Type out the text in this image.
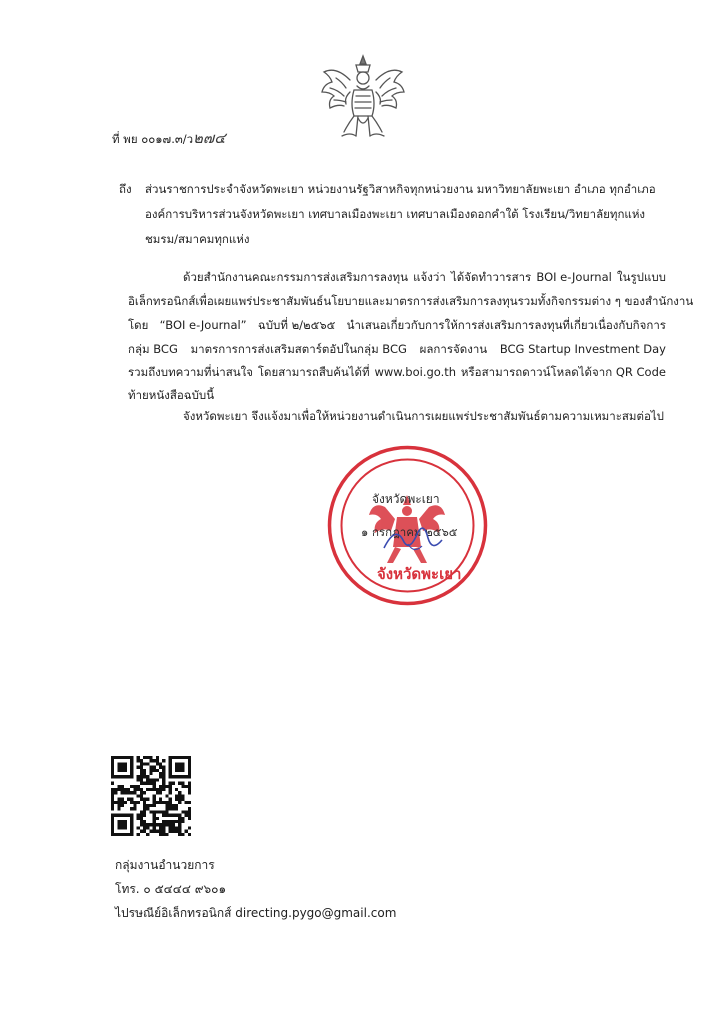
ที่ พย ๐๐๑๗.๓/ว๒๗๔
ถึง ส่วนราชการประจำจังหวัดพะเยา หน่วยงานรัฐวิสาหกิจทุกหน่วยงาน มหาวิทยาลัยพะเยา อำเภอ ทุกอำเภอ
องค์การบริหารส่วนจังหวัดพะเยา เทศบาลเมืองพะเยา เทศบาลเมืองดอกคำใต้ โรงเรียน/วิทยาลัยทุกแห่ง
ชมรม/สมาคมทุกแห่ง
ด้วยสำนักงานคณะกรรมการส่งเสริมการลงทุน แจ้งว่า ได้จัดทำวารสาร BOI e-Journal ในรูปแบบ
อิเล็กทรอนิกส์ เพื่อเผยแพร่ประชาสัมพันธ์นโยบายและมาตรการส่งเสริมการลงทุน รวมทั้งกิจกรรมต่าง ๆ ของสำนักงาน
โดย “BOI e-Journal” ฉบับที่ ๒/๒๕๖๕ นำเสนอเกี่ยวกับการให้การส่งเสริมการลงทุนที่เกี่ยวเนื่องกับกิจการ
กลุ่ม BCG มาตรการการส่งเสริมสตาร์ตอัปในกลุ่ม BCG ผลการจัดงาน BCG Startup Investment Day
รวมถึงบทความที่น่าสนใจ โดยสามารถสืบค้นได้ที่ www.boi.go.th หรือสามารถดาวน์โหลดได้จาก QR Code
ท้ายหนังสือฉบับนี้
จังหวัดพะเยา จึงแจ้งมาเพื่อให้หน่วยงานดำเนินการเผยแพร่ประชาสัมพันธ์ตามความเหมาะสมต่อไป
จังหวัดพะเยา
๑ กรกฎาคม ๒๕๖๕
จังหวัดพะเยา
กลุ่มงานอำนวยการ
โทร. ๐ ๕๔๔๔ ๙๖๐๑
ไปรษณีย์อิเล็กทรอนิกส์ directing.pygo@gmail.com
